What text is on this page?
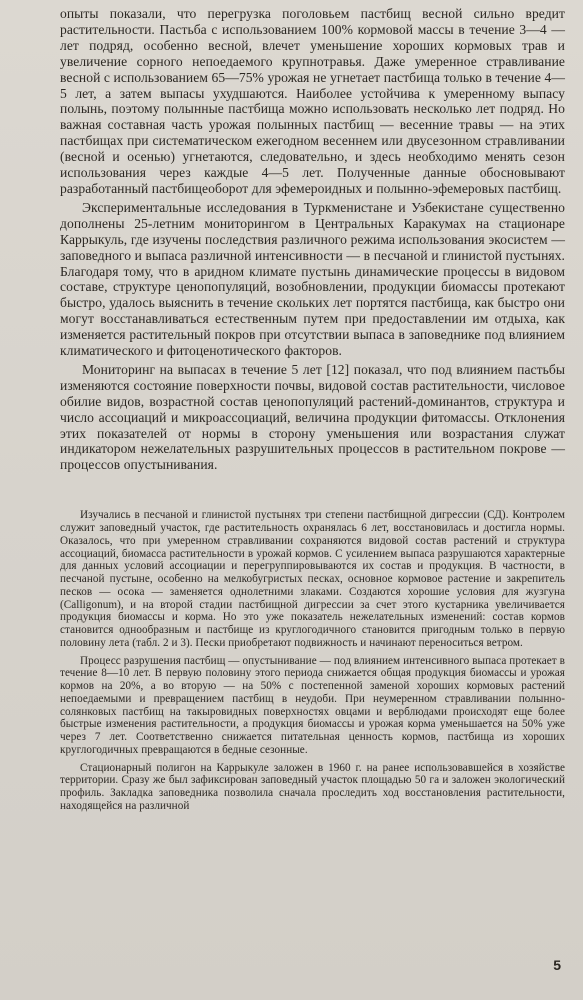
опыты показали, что перегрузка поголовьем пастбищ весной сильно вредит растительности. Пастьба с использованием 100% кормовой массы в течение 3—4 —лет подряд, особенно весной, влечет уменьшение хороших кормовых трав и увеличение сорного непоедаемого крупнотравья. Даже умеренное стравливание весной с использованием 65—75% урожая не угнетает пастбища только в течение 4—5 лет, а затем выпасы ухудшаются. Наиболее устойчива к умеренному выпасу полынь, поэтому полынные пастбища можно использовать несколько лет подряд. Но важная составная часть урожая полынных пастбищ — весенние травы — на этих пастбищах при систематическом ежегодном весеннем или двусезонном стравливании (весной и осенью) угнетаются, следовательно, и здесь необходимо менять сезон использования через каждые 4—5 лет. Полученные данные обосновывают разработанный пастбищеоборот для эфемероидных и полынно-эфемеровых пастбищ.

Экспериментальные исследования в Туркменистане и Узбекистане существенно дополнены 25-летним мониторингом в Центральных Каракумах на стационаре Каррыкуль, где изучены последствия различного режима использования экосистем — заповедного и выпаса различной интенсивности — в песчаной и глинистой пустынях. Благодаря тому, что в аридном климате пустынь динамические процессы в видовом составе, структуре ценопопуляций, возобновлении, продукции биомассы протекают быстро, удалось выяснить в течение скольких лет портятся пастбища, как быстро они могут восстанавливаться естественным путем при предоставлении им отдыха, как изменяется растительный покров при отсутствии выпаса в заповеднике под влиянием климатического и фитоценотического факторов.

Мониторинг на выпасах в течение 5 лет [12] показал, что под влиянием пастьбы изменяются состояние поверхности почвы, видовой состав растительности, числовое обилие видов, возрастной состав ценопопуляций растений-доминантов, структура и число ассоциаций и микроассоциаций, величина продукции фитомассы. Отклонения этих показателей от нормы в сторону уменьшения или возрастания служат индикатором нежелательных разрушительных процессов в растительном покрове — процессов опустынивания.

Изучались в песчаной и глинистой пустынях три степени пастбищной дигрессии (СД). Контролем служит заповедный участок, где растительность охранялась 6 лет, восстановилась и достигла нормы. Оказалось, что при умеренном стравливании сохраняются видовой состав растений и структура ассоциаций, биомасса растительности в урожай кормов. С усилением выпаса разрушаются характерные для данных условий ассоциации и перегруппировываются их состав и продукция. В частности, в песчаной пустыне, особенно на мелкобугристых песках, основное кормовое растение и закрепитель песков — осока — заменяется однолетними злаками. Создаются хорошие условия для жузгуна (Calligonum), и на второй стадии пастбищной дигрессии за счет этого кустарника увеличивается продукция биомассы и корма. Но это уже показатель нежелательных изменений: состав кормов становится однообразным и пастбище из круглогодичного становится пригодным только в первую половину лета (табл. 2 и 3). Пески приобретают подвижность и начинают переноситься ветром.

Процесс разрушения пастбищ — опустынивание — под влиянием интенсивного выпаса протекает в течение 8—10 лет. В первую половину этого периода снижается общая продукция биомассы и урожая кормов на 20%, а во вторую — на 50% с постепенной заменой хороших кормовых растений непоедаемыми и превращением пастбищ в неудоби. При неумеренном стравливании полынно-солянковых пастбищ на такыровидных поверхностях овцами и верблюдами происходят еще более быстрые изменения растительности, а продукция биомассы и урожая корма уменьшается на 50% уже через 7 лет. Соответственно снижается питательная ценность кормов, пастбища из хороших круглогодичных превращаются в бедные сезонные.

Стационарный полигон на Каррыкуле заложен в 1960 г. на ранее использовавшейся в хозяйстве территории. Сразу же был зафиксирован заповедный участок площадью 50 га и заложен экологический профиль. Закладка заповедника позволила сначала проследить ход восстановления растительности, находящейся на различной

5
